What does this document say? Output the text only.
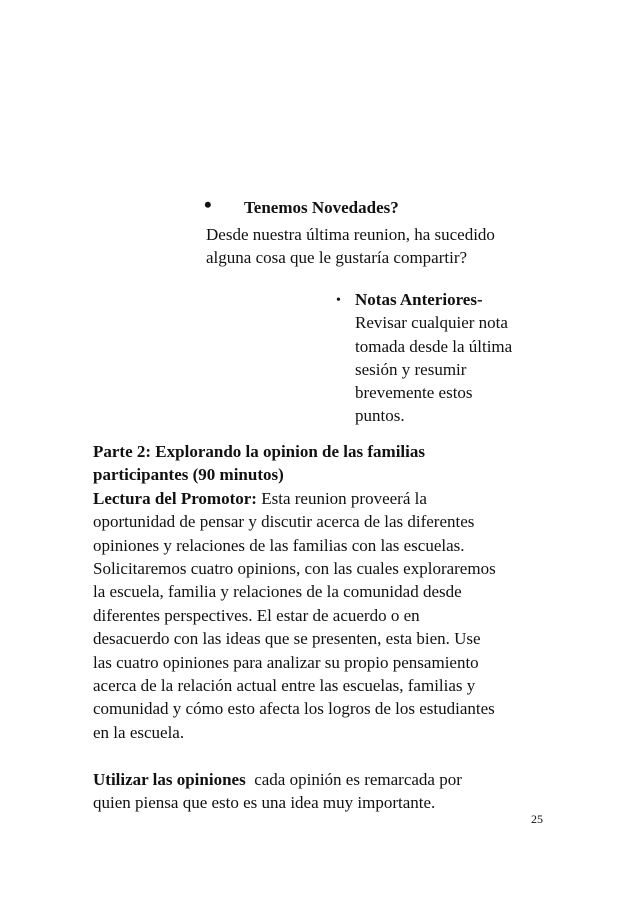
• Tenemos Novedades?
Desde nuestra última reunion, ha sucedido
alguna cosa que le gustaría compartir?
• Notas Anteriores-
Revisar cualquier nota
tomada desde la última
sesión y resumir
brevemente estos
puntos.
Parte 2: Explorando la opinion de las familias
participantes (90 minutos)
Lectura del Promotor: Esta reunion proveerá la
oportunidad de pensar y discutir acerca de las diferentes
opiniones y relaciones de las familias con las escuelas.
Solicitaremos cuatro opinions, con las cuales exploraremos
la escuela, familia y relaciones de la comunidad desde
diferentes perspectives. El estar de acuerdo o en
desacuerdo con las ideas que se presenten, esta bien. Use
las cuatro opiniones para analizar su propio pensamiento
acerca de la relación actual entre las escuelas, familias y
comunidad y cómo esto afecta los logros de los estudiantes
en la escuela.
Utilizar las opiniones  cada opinión es remarcada por
quien piensa que esto es una idea muy importante.
25
